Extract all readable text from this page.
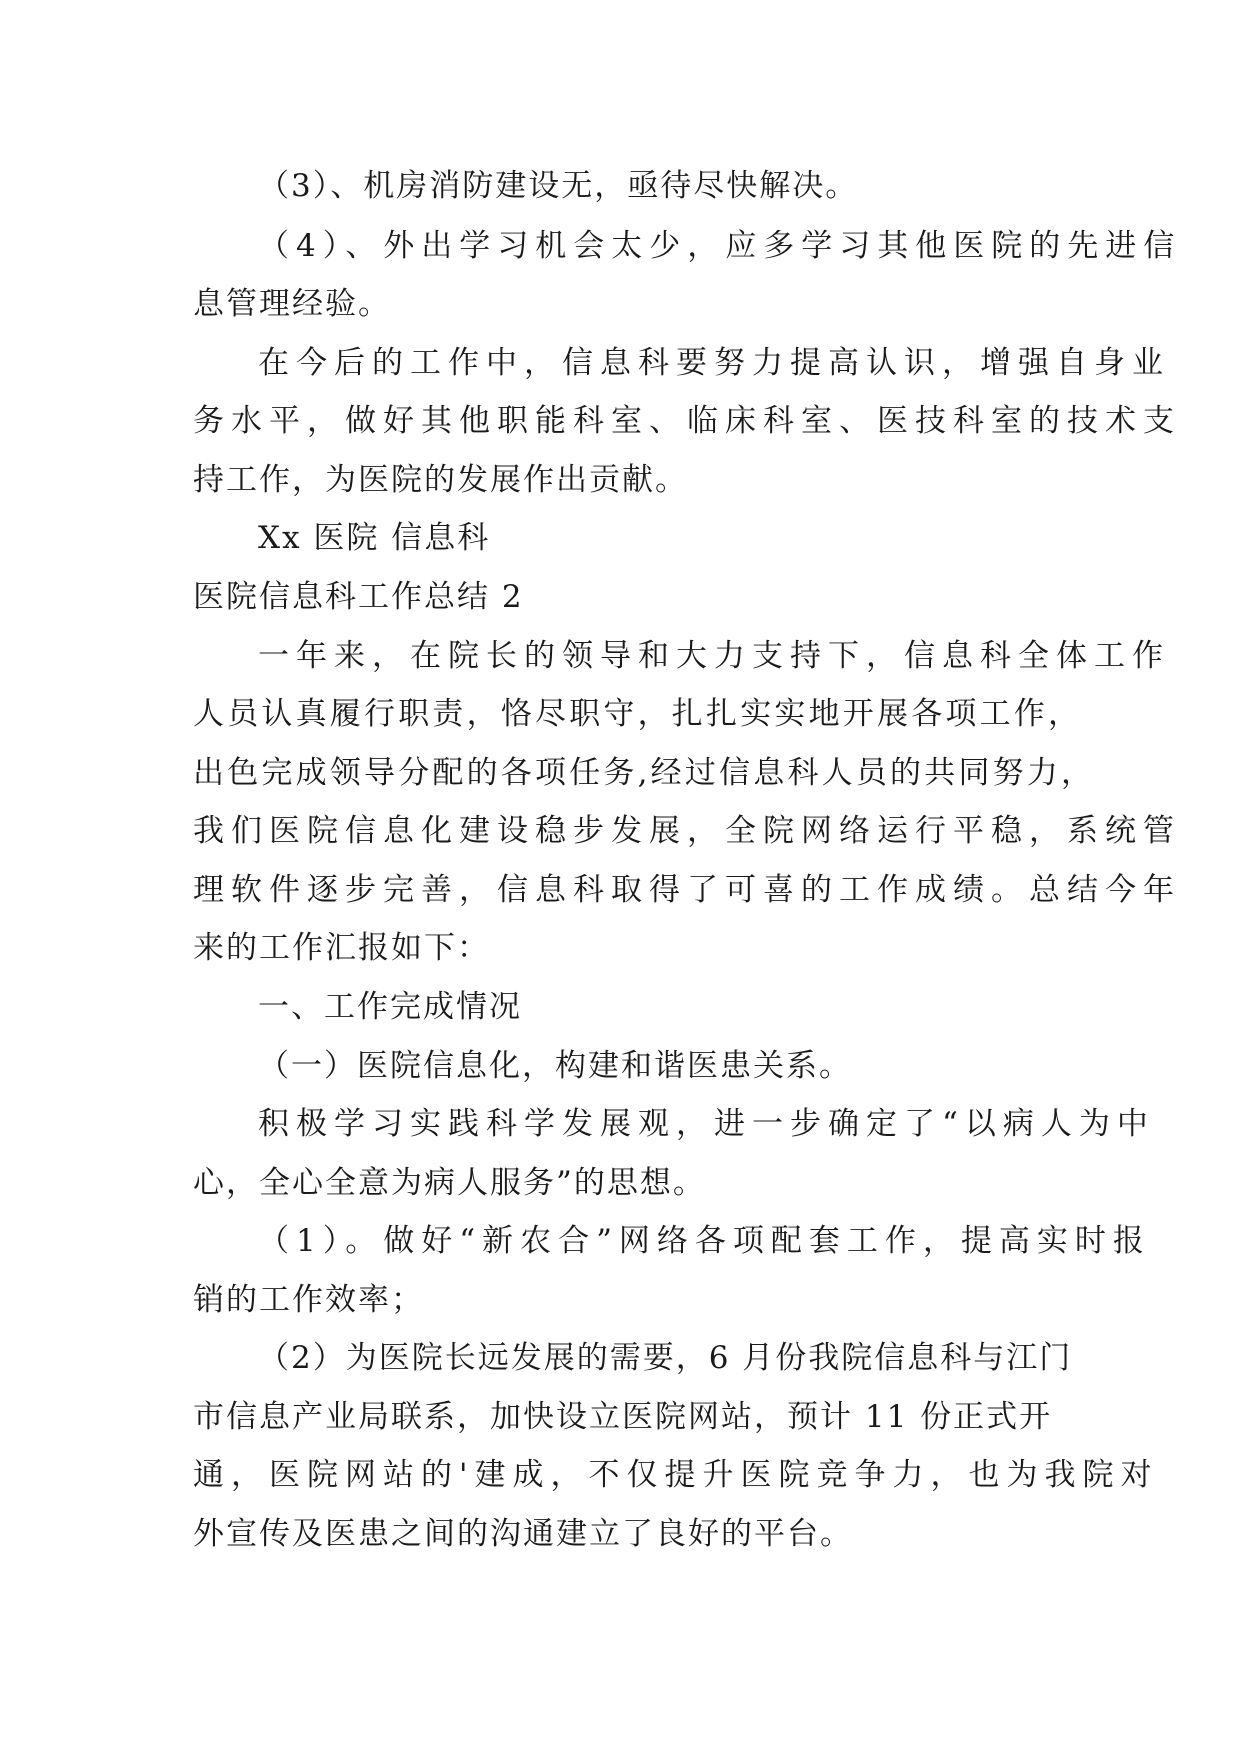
（3）、机房消防建设无，亟待尽快解决。
（4）、外出学习机会太少，应多学习其他医院的先进信
息管理经验。
在今后的工作中，信息科要努力提高认识，增强自身业
务水平，做好其他职能科室、临床科室、医技科室的技术支
持工作，为医院的发展作出贡献。
Xx 医院 信息科
医院信息科工作总结 2
一年来，在院长的领导和大力支持下，信息科全体工作
人员认真履行职责，恪尽职守，扎扎实实地开展各项工作，
出色完成领导分配的各项任务,经过信息科人员的共同努力，
我们医院信息化建设稳步发展，全院网络运行平稳，系统管
理软件逐步完善，信息科取得了可喜的工作成绩。总结今年
来的工作汇报如下：
一、工作完成情况
（一）医院信息化，构建和谐医患关系。
积极学习实践科学发展观，进一步确定了“以病人为中
心，全心全意为病人服务”的思想。
（1）。做好“新农合”网络各项配套工作，提高实时报
销的工作效率；
（2）为医院长远发展的需要，6 月份我院信息科与江门
市信息产业局联系，加快设立医院网站，预计 11 份正式开
通，医院网站的'建成，不仅提升医院竞争力，也为我院对
外宣传及医患之间的沟通建立了良好的平台。
